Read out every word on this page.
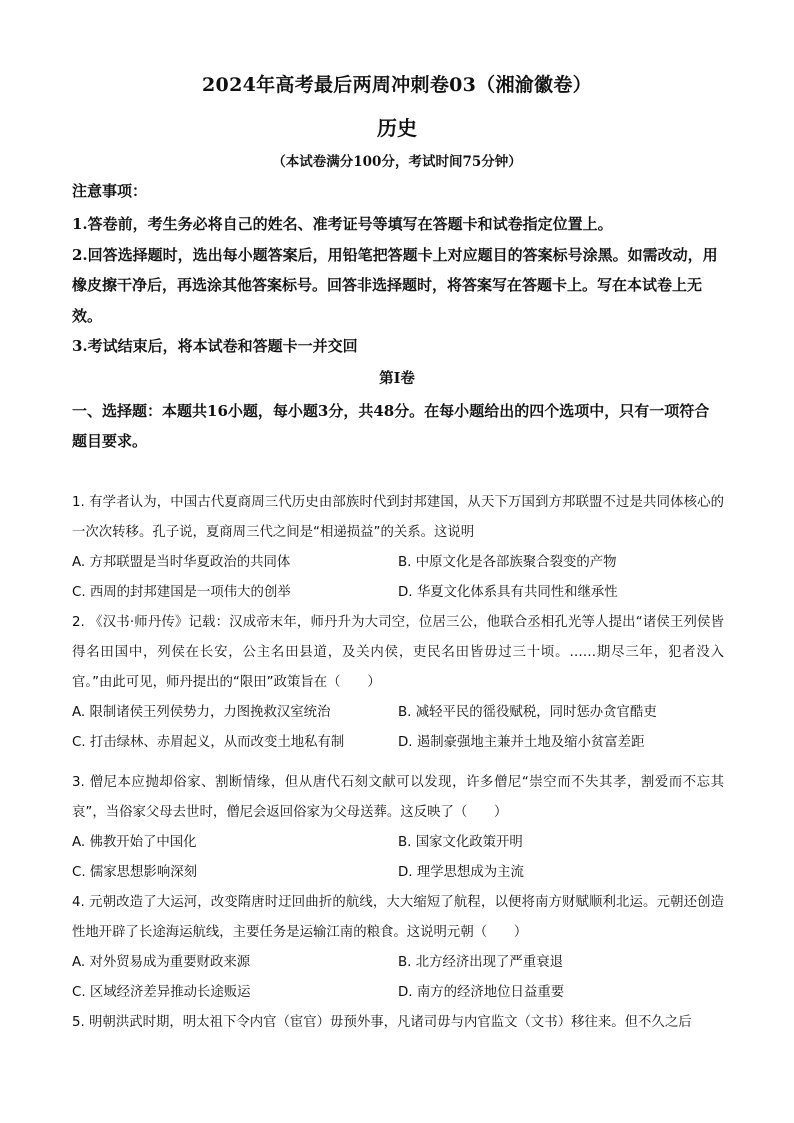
2024年高考最后两周冲刺卷03（湘渝徽卷）
历史
（本试卷满分100分，考试时间75分钟）
注意事项：

1.答卷前，考生务必将自己的姓名、准考证号等填写在答题卡和试卷指定位置上。

2.回答选择题时，选出每小题答案后，用铅笔把答题卡上对应题目的答案标号涂黑。如需改动，用橡皮擦干净后，再选涂其他答案标号。回答非选择题时，将答案写在答题卡上。写在本试卷上无效。

3.考试结束后，将本试卷和答题卡一并交回

第Ⅰ卷
一、选择题：本题共16小题，每小题3分，共48分。在每小题给出的四个选项中，只有一项符合题目要求。

1. 有学者认为，中国古代夏商周三代历史由部族时代到封邦建国，从天下万国到方邦联盟不过是共同体核心的一次次转移。孔子说，夏商周三代之间是“相递损益”的关系。这说明

A. 方邦联盟是当时华夏政治的共同体	B. 中原文化是各部族聚合裂变的产物
C. 西周的封邦建国是一项伟大的创举	D. 华夏文化体系具有共同性和继承性

2. 《汉书·师丹传》记载：汉成帝末年，师丹升为大司空，位居三公，他联合丞相孔光等人提出“诸侯王列侯皆得名田国中，列侯在长安，公主名田县道，及关内侯，吏民名田皆毋过三十顷。……期尽三年，犯者没入官。”由此可见，师丹提出的“限田”政策旨在（　　）

A. 限制诸侯王列侯势力，力图挽救汉室统治	B. 减轻平民的徭役赋税，同时惩办贪官酷吏
C. 打击绿林、赤眉起义，从而改变土地私有制	D. 遏制豪强地主兼并土地及缩小贫富差距

3. 僧尼本应抛却俗家、割断情缘，但从唐代石刻文献可以发现，许多僧尼“崇空而不失其孝，割爱而不忘其哀”，当俗家父母去世时，僧尼会返回俗家为父母送葬。这反映了（　　）

A. 佛教开始了中国化	B. 国家文化政策开明
C. 儒家思想影响深刻	D. 理学思想成为主流

4. 元朝改造了大运河，改变隋唐时迂回曲折的航线，大大缩短了航程，以便将南方财赋顺利北运。元朝还创造性地开辟了长途海运航线，主要任务是运输江南的粮食。这说明元朝（　　）

A. 对外贸易成为重要财政来源	B. 北方经济出现了严重衰退
C. 区域经济差异推动长途贩运	D. 南方的经济地位日益重要

5. 明朝洪武时期，明太祖下令内官（宦官）毋预外事，凡诸司毋与内官监文（文书）移往来。但不久之后
